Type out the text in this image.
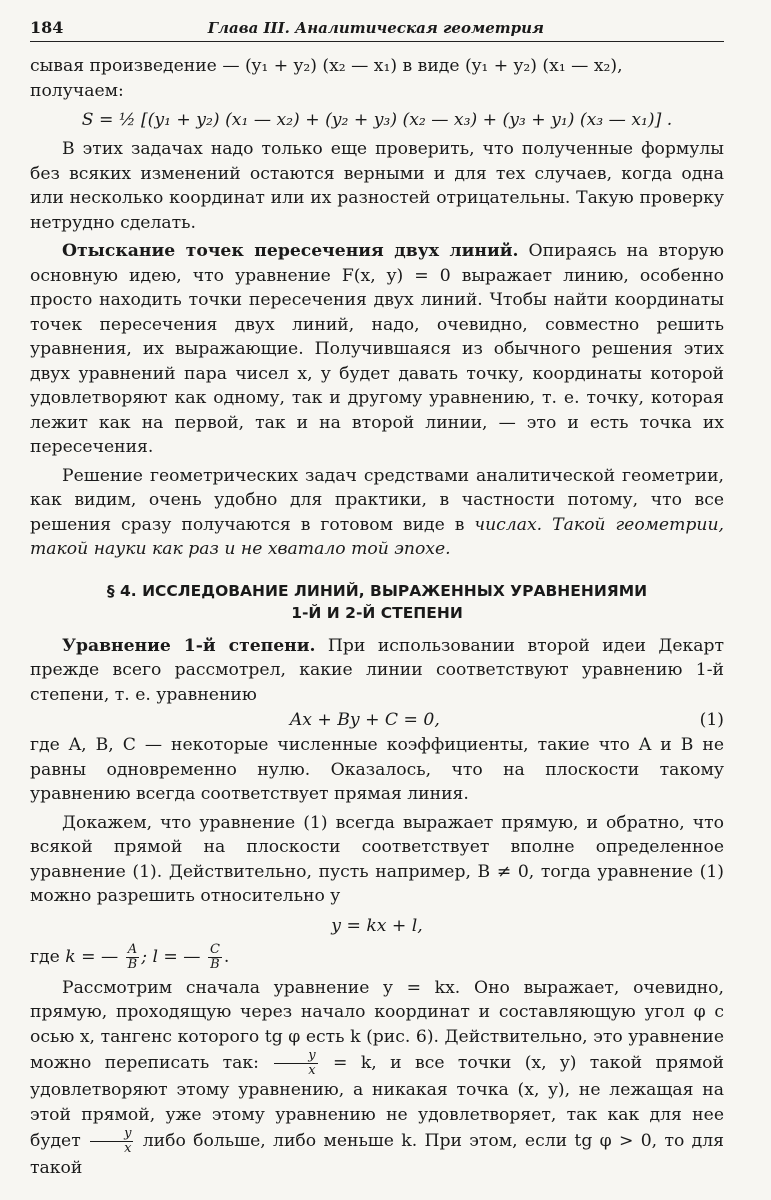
184	Глава III. Аналитическая геометрия

сывая произведение — (y₁ + y₂) (x₂ — x₁) в виде (y₁ + y₂) (x₁ — x₂),

получаем:

S = ½ [(y₁ + y₂) (x₁ — x₂) + (y₂ + y₃) (x₂ — x₃) + (y₃ + y₁) (x₃ — x₁)] .

В этих задачах надо только еще проверить, что полученные формулы без всяких изменений остаются верными и для тех случаев, когда одна или несколько координат или их разностей отрицательны. Такую проверку нетрудно сделать.

Отыскание точек пересечения двух линий. Опираясь на вторую основную идею, что уравнение F(x, y) = 0 выражает линию, особенно просто находить точки пересечения двух линий. Чтобы найти координаты точек пересечения двух линий, надо, очевидно, совместно решить уравнения, их выражающие. Получившаяся из обычного решения этих двух уравнений пара чисел x, y будет давать точку, координаты которой удовлетворяют как одному, так и другому уравнению, т. е. точку, которая лежит как на первой, так и на второй линии, — это и есть точка их пересечения.

Решение геометрических задач средствами аналитической геометрии, как видим, очень удобно для практики, в частности потому, что все решения сразу получаются в готовом виде в числах. Такой геометрии, такой науки как раз и не хватало той эпохе.

§ 4. ИССЛЕДОВАНИЕ ЛИНИЙ, ВЫРАЖЕННЫХ УРАВНЕНИЯМИ
1-Й И 2-Й СТЕПЕНИ

Уравнение 1-й степени. При использовании второй идеи Декарт прежде всего рассмотрел, какие линии соответствуют уравнению 1-й степени, т. е. уравнению

Ax + By + C = 0,	(1)

где A, B, C — некоторые численные коэффициенты, такие что A и B не равны одновременно нулю. Оказалось, что на плоскости такому уравнению всегда соответствует прямая линия.

Докажем, что уравнение (1) всегда выражает прямую, и обратно, что всякой прямой на плоскости соответствует вполне определенное уравнение (1). Действительно, пусть например, B ≠ 0, тогда уравнение (1) можно разрешить относительно y

y = kx + l,

где k = — $\frac{A}{B}$ ; l = — $\frac{C}{B}$ .

Рассмотрим сначала уравнение y = kx. Оно выражает, очевидно, прямую, проходящую через начало координат и составляющую угол φ с осью x, тангенс которого tg φ есть k (рис. 6). Действительно, это уравнение можно переписать так: $\frac{y}{x} = k$, и все точки (x, y) такой прямой удовлетворяют этому уравнению, а никакая точка (x, y), не лежащая на этой прямой, уже этому уравнению не удовлетворяет, так как для нее будет $\frac{y}{x}$ либо больше, либо меньше k. При этом, если tg φ > 0, то для такой
